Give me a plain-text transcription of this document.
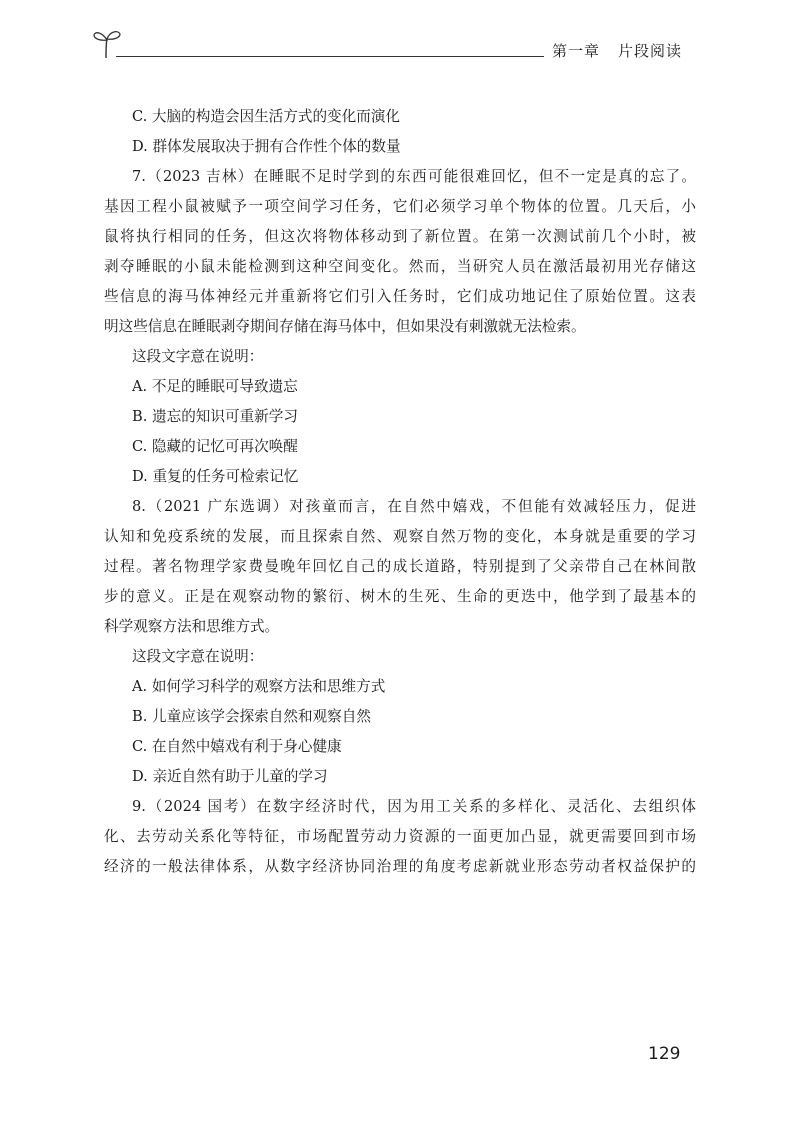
第一章 片段阅读
C. 大脑的构造会因生活方式的变化而演化
D. 群体发展取决于拥有合作性个体的数量
7.（2023 吉林）在睡眠不足时学到的东西可能很难回忆，但不一定是真的忘了。
基因工程小鼠被赋予一项空间学习任务，它们必须学习单个物体的位置。几天后，小
鼠将执行相同的任务，但这次将物体移动到了新位置。在第一次测试前几个小时，被
剥夺睡眠的小鼠未能检测到这种空间变化。然而，当研究人员在激活最初用光存储这
些信息的海马体神经元并重新将它们引入任务时，它们成功地记住了原始位置。这表
明这些信息在睡眠剥夺期间存储在海马体中，但如果没有刺激就无法检索。
这段文字意在说明：
A. 不足的睡眠可导致遗忘
B. 遗忘的知识可重新学习
C. 隐藏的记忆可再次唤醒
D. 重复的任务可检索记忆
8.（2021 广东选调）对孩童而言，在自然中嬉戏，不但能有效减轻压力，促进
认知和免疫系统的发展，而且探索自然、观察自然万物的变化，本身就是重要的学习
过程。著名物理学家费曼晚年回忆自己的成长道路，特别提到了父亲带自己在林间散
步的意义。正是在观察动物的繁衍、树木的生死、生命的更迭中，他学到了最基本的
科学观察方法和思维方式。
这段文字意在说明：
A. 如何学习科学的观察方法和思维方式
B. 儿童应该学会探索自然和观察自然
C. 在自然中嬉戏有利于身心健康
D. 亲近自然有助于儿童的学习
9.（2024 国考）在数字经济时代，因为用工关系的多样化、灵活化、去组织体
化、去劳动关系化等特征，市场配置劳动力资源的一面更加凸显，就更需要回到市场
经济的一般法律体系，从数字经济协同治理的角度考虑新就业形态劳动者权益保护的
129
